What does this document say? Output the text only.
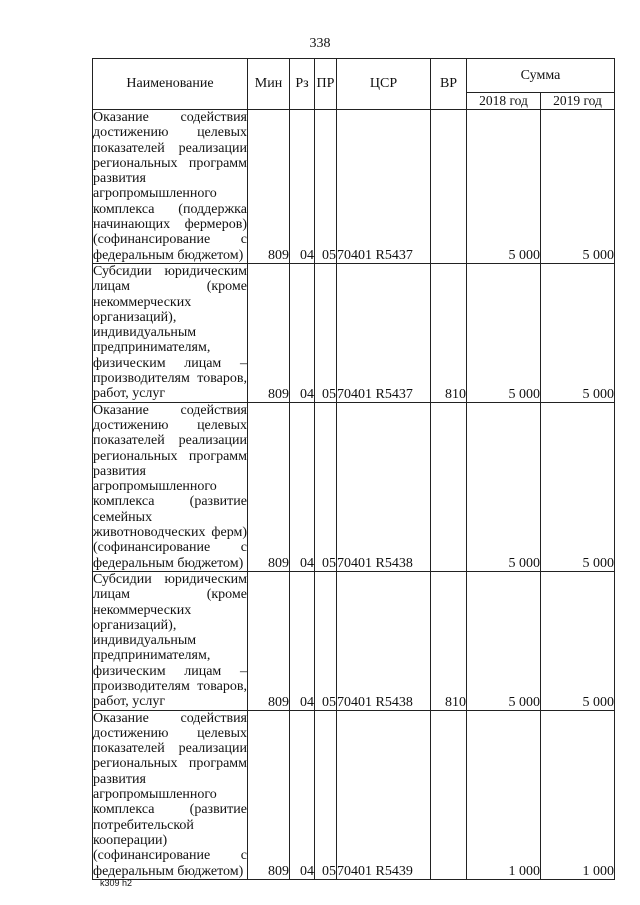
338
Наименование	Мин	Рз	ПР	ЦСР	ВР	Сумма	
						2018 год	2019 год
Оказание содействия достижению целевых показателей реализации региональных программ развития агропромышленного комплекса (поддержка начинающих фермеров) (софинансирование с федеральным бюджетом)	809	04	05	70401 R5437		5 000	5 000
Субсидии юридическим лицам (кроме некоммерческих организаций), индивидуальным предпринимателям, физическим лицам – производителям товаров, работ, услуг	809	04	05	70401 R5437	810	5 000	5 000
Оказание содействия достижению целевых показателей реализации региональных программ развития агропромышленного комплекса (развитие семейных животноводческих ферм) (софинансирование с федеральным бюджетом)	809	04	05	70401 R5438		5 000	5 000
Субсидии юридическим лицам (кроме некоммерческих организаций), индивидуальным предпринимателям, физическим лицам – производителям товаров, работ, услуг	809	04	05	70401 R5438	810	5 000	5 000
Оказание содействия достижению целевых показателей реализации региональных программ развития агропромышленного комплекса (развитие потребительской кооперации) (софинансирование с федеральным бюджетом)	809	04	05	70401 R5439		1 000	1 000
k309 h2
